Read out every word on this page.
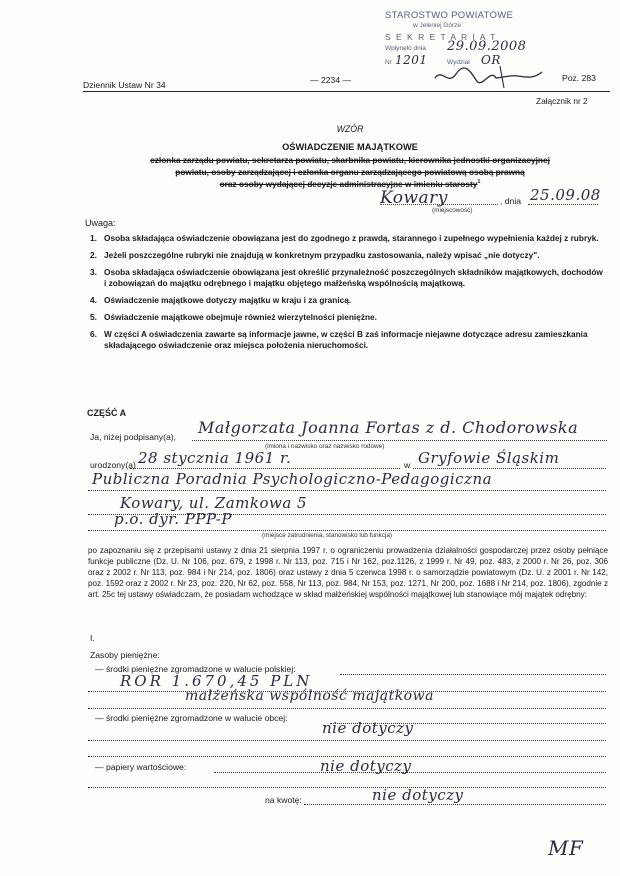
STAROSTWO POWIATOWE
w Jeleniej Górze
S E K R E T A R I A T
Wpłynęło dnia 29.09.2008
Nr 1201	Wydział OR
Dziennik Ustaw Nr 34	— 2234 —	Poz. 283
Załącznik nr 2
WZÓR
OŚWIADCZENIE MAJĄTKOWE
członka zarządu powiatu, sekretarza powiatu, skarbnika powiatu, kierownika jednostki organizacyjnej
powiatu, osoby zarządzającej i członka organu zarządzającego powiatową osobą prawną
oraz osoby wydającej decyzje administracyjne w imieniu starosty$^1$
Kowary	, dnia 25.09.08
(miejscowość)
Uwaga:
1. Osoba składająca oświadczenie obowiązana jest do zgodnego z prawdą, starannego i zupełnego wypełnienia każdej z rubryk.
2. Jeżeli poszczególne rubryki nie znajdują w konkretnym przypadku zastosowania, należy wpisać „nie dotyczy".
3. Osoba składająca oświadczenie obowiązana jest określić przynależność poszczególnych składników majątkowych, dochodów i zobowiązań do majątku odrębnego i majątku objętego małżeńską wspólnością majątkową.
4. Oświadczenie majątkowe dotyczy majątku w kraju i za granicą.
5. Oświadczenie majątkowe obejmuje również wierzytelności pieniężne.
6. W części A oświadczenia zawarte są informacje jawne, w części B zaś informacje niejawne dotyczące adresu zamieszkania składającego oświadczenie oraz miejsca położenia nieruchomości.
CZĘŚĆ A
Ja, niżej podpisany(a), Małgorzata Joanna Fortas z d. Chodorowska
(imiona i nazwisko oraz nazwisko rodowe)
urodzony(a) 28 stycznia 1961 r.	w Gryfowie Śląskim
Publiczna Poradnia Psychologiczno-Pedagogiczna
Kowary, ul. Zamkowa 5
p.o. dyr. PPP-P
(miejsce zatrudnienia, stanowisko lub funkcja)
po zapoznaniu się z przepisami ustawy z dnia 21 sierpnia 1997 r. o ograniczeniu prowadzenia działalności gospodarczej przez osoby pełniące funkcje publiczne (Dz. U. Nr 106, poz. 679, z 1998 r. Nr 113, poz. 715 i Nr 162, poz.1126, z 1999 r. Nr 49, poz. 483, z 2000 r. Nr 26, poz. 306 oraz z 2002 r. Nr 113, poz. 984 i Nr 214, poz. 1806) oraz ustawy z dnia 5 czerwca 1998 r. o samorządzie powiatowym (Dz. U. z 2001 r. Nr 142, poz. 1592 oraz z 2002 r. Nr 23, poz. 220, Nr 62, poz. 558, Nr 113, poz. 984, Nr 153, poz. 1271, Nr 200, poz. 1688 i Nr 214, poz. 1806), zgodnie z art. 25c tej ustawy oświadczam, że posiadam wchodzące w skład małżeńskiej wspólności majątkowej lub stanowiące mój majątek odrębny:
I.
Zasoby pieniężne:
— środki pieniężne zgromadzone w walucie polskiej:
ROR 1.670,45 PLN
małżeńska wspólność majątkowa
— środki pieniężne zgromadzone w walucie obcej:
nie dotyczy
— papiery wartościowe:	nie dotyczy
na kwotę:	nie dotyczy
MF
